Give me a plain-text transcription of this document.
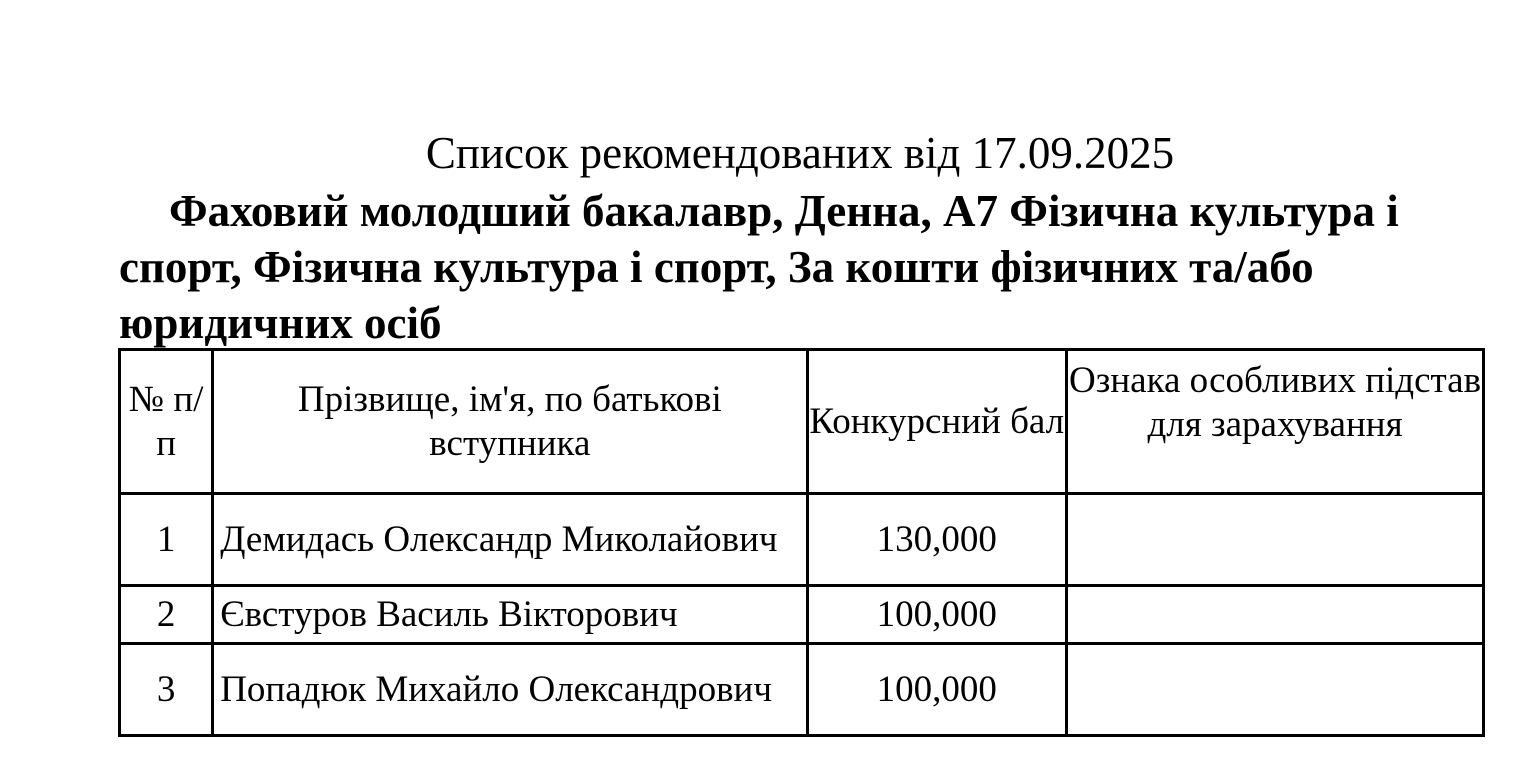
Список рекомендованих від 17.09.2025

Фаховий молодший бакалавр, Денна, A7 Фізична культура і спорт, Фізична культура і спорт, За кошти фізичних та/або юридичних осіб

№ п/п	Прізвище, ім'я, по батькові вступника	Конкурсний бал	Ознака особливих підстав для зарахування
1	Демидась Олександр Миколайович	130,000	
2	Євстуров Василь Вікторович	100,000	
3	Попадюк Михайло Олександрович	100,000	
